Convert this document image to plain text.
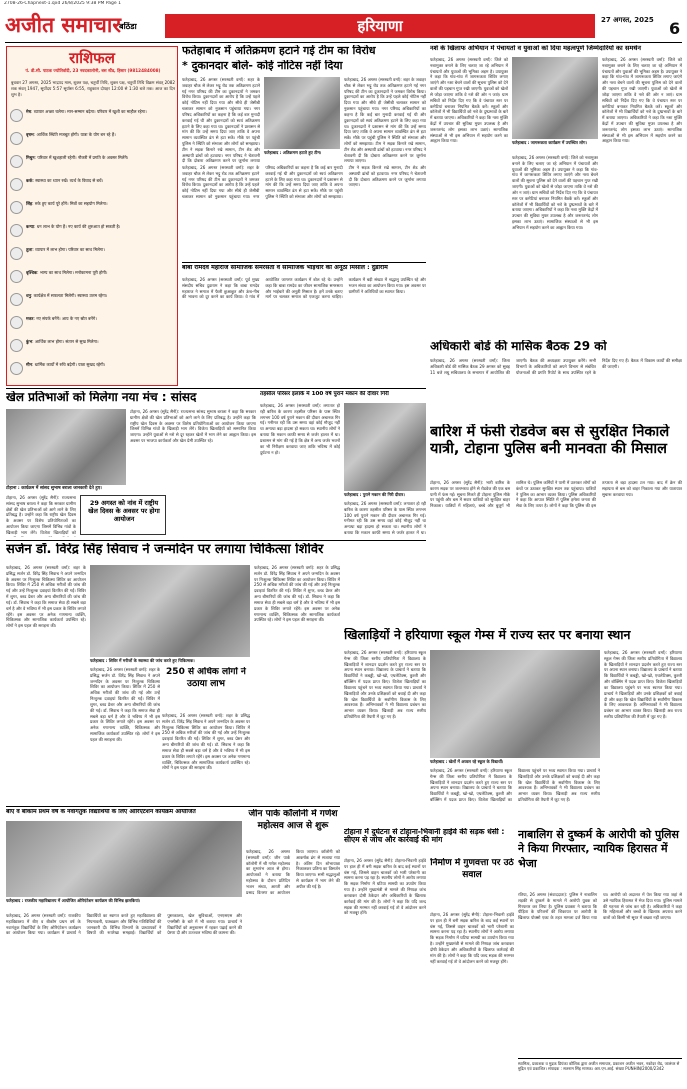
2708-26-Chapnext-1.qxd 26/8/2025 9:38 PM Page 1
अजीत समाचार
बठिंडा	हरियाणा	27 अगस्त, 2025 6
राशिफल
पं. डी.सी. पाठक ज्योतिर्वादी, 23 नवदकालोनी, बस स्टैंड, हिसार (9812484008)
बुधवार 27 अगस्त, 2025 भाद्रपद मास, शुक्ल पक्ष, चतुर्थी तिथि, शुक्ल पक्ष, चतुर्थी तिथि विक्रम संवत् 2082 शक संवत् 1947, सूर्योदय 5:57 सूर्यास्त 6:55, राहुकाल दोपहर 12:00 से 1:30 बजे तक। आज का दिन शुभ है।
मेष: व्यापार अच्छा चलेगा। मान-सम्मान बढ़ेगा। परिवार में खुशी का माहौल रहेगा।
वृषभ: आर्थिक स्थिति मजबूत होगी। यात्रा के योग बन रहे हैं।
मिथुन: परिवार में खुशहाली रहेगी। नौकरी में प्रगति के अवसर मिलेंगे।
कर्क: स्वास्थ्य का ध्यान रखें। व्यर्थ के विवाद से बचें।
सिंह: रुके हुए कार्य पूरे होंगे। मित्रों का सहयोग मिलेगा।
कन्या: धन लाभ के योग हैं। नए कार्य की शुरुआत हो सकती है।
तुला: व्यापार में लाभ होगा। परिवार का साथ मिलेगा।
वृश्चिक: भाग्य का साथ मिलेगा। मनोकामना पूरी होगी।
धनु: कार्यक्षेत्र में सफलता मिलेगी। स्वास्थ्य उत्तम रहेगा।
मकर: नए संपर्क बनेंगे। आय के नए स्रोत बनेंगे।
कुंभ: आर्थिक लाभ होगा। संतान से सुख मिलेगा।
मीन: धार्मिक कार्यों में रुचि बढ़ेगी। यात्रा सुखद रहेगी।
फतेहाबाद में अतिक्रमण हटाने गई टीम का विरोध
* दुकानदार बोले- कोई नोटिस नहीं दिया
फतेहाबाद : अतिक्रमण हटाते हुए टीम।
फतेहाबाद, 26 अगस्त (सरस्वती वर्मा): शहर के जवाहर चौक से लेकर भट्टू रोड तक अतिक्रमण हटाने गई नगर परिषद की टीम का दुकानदारों ने जमकर विरोध किया। दुकानदारों का आरोप है कि उन्हें पहले कोई नोटिस नहीं दिया गया और सीधे ही जेसीबी चलाकर सामान को नुकसान पहुंचाया गया। नगर परिषद अधिकारियों का कहना है कि कई बार मुनादी करवाई गई थी और दुकानदारों को स्वयं अतिक्रमण हटाने के लिए कहा गया था। दुकानदारों ने प्रशासन से मांग की कि उन्हें समय दिया जाए ताकि वे अपना सामान व्यवस्थित ढंग से हटा सकें। मौके पर पहुंची पुलिस ने स्थिति को संभाला और लोगों को समझाया। टीम ने सड़क किनारे रखे सामान, टीन शेड और अस्थायी ढांचों को हटवाया। नगर परिषद ने चेतावनी दी कि दोबारा अतिक्रमण करने पर जुर्माना लगाया जाएगा।
फतेहाबाद, 26 अगस्त (सरस्वती वर्मा): शहर के जवाहर चौक से लेकर भट्टू रोड तक अतिक्रमण हटाने गई नगर परिषद की टीम का दुकानदारों ने जमकर विरोध किया। दुकानदारों का आरोप है कि उन्हें पहले कोई नोटिस नहीं दिया गया और सीधे ही जेसीबी चलाकर सामान को नुकसान पहुंचाया गया। नगर परिषद अधिकारियों का कहना है कि कई बार मुनादी करवाई गई थी और दुकानदारों को स्वयं अतिक्रमण हटाने के लिए कहा गया था। दुकानदारों ने प्रशासन से मांग की कि उन्हें समय दिया जाए ताकि वे अपना सामान व्यवस्थित ढंग से हटा सकें। मौके पर पहुंची पुलिस ने स्थिति को संभाला और लोगों को समझाया। टीम ने सड़क किनारे रखे सामान, टीन शेड और अस्थायी ढांचों को हटवाया। नगर परिषद ने चेतावनी दी कि दोबारा अतिक्रमण करने पर जुर्माना लगाया
फतेहाबाद, 26 अगस्त (सरस्वती वर्मा): शहर के जवाहर चौक से लेकर भट्टू रोड तक अतिक्रमण हटाने गई नगर परिषद की टीम का दुकानदारों ने जमकर विरोध किया। दुकानदारों का आरोप है कि उन्हें पहले कोई नोटिस नहीं दिया गया और सीधे ही जेसीबी चलाकर सामान को नुकसान पहुंचाया गया। नगर परिषद अधिकारियों का कहना है कि कई बार मुनादी करवाई गई थी और दुकानदारों को स्वयं अतिक्रमण हटाने के लिए कहा गया था। दुकानदारों ने प्रशासन से मांग की कि उन्हें समय दिया जाए ताकि वे अपना सामान व्यवस्थित ढंग से हटा सकें। मौके पर पहुंची पुलिस ने स्थिति को संभाला और लोगों को समझाया। टीम ने सड़क किनारे रखे सामान, टीन शेड और अस्थायी ढांचों को हटवाया। नगर परिषद ने चेतावनी दी कि दोबारा अतिक्रमण करने पर जुर्माना लगाया जाएगा।
नशे के खिलाफ अभियान में पंचायतों व युवाओं को दिया महत्वपूर्ण जिम्मेदारियों का समर्थन
फतेहाबाद : जागरूकता कार्यक्रम में उपस्थित लोग।
फतेहाबाद, 26 अगस्त (सरस्वती वर्मा): जिले को नशामुक्त बनाने के लिए चलाए जा रहे अभियान में पंचायतों और युवाओं की भूमिका अहम है। उपायुक्त ने कहा कि गांव-गांव में जागरूकता शिविर लगाए जाएंगे और नशा बेचने वालों की सूचना पुलिस को देने वालों की पहचान गुप्त रखी जाएगी। युवाओं को खेलों से जोड़ा जाएगा ताकि वे नशे की ओर न जाएं। ग्राम सचिवों को निर्देश दिए गए कि वे पंचायत स्तर पर कमेटियां बनाकर नियमित बैठकें करें। स्कूलों और कॉलेजों में भी विद्यार्थियों को नशे के दुष्प्रभावों के बारे में बताया जाएगा। अधिकारियों ने कहा कि नशा मुक्ति केंद्रों में उपचार की सुविधा मुफ्त उपलब्ध है और जरूरतमंद लोग इसका लाभ उठाएं। सामाजिक संस्थाओं से भी इस अभियान में सहयोग करने का आह्वान किया गया।
फतेहाबाद, 26 अगस्त (सरस्वती वर्मा): जिले को नशामुक्त बनाने के लिए चलाए जा रहे अभियान में पंचायतों और युवाओं की भूमिका अहम है। उपायुक्त ने कहा कि गांव-गांव में जागरूकता शिविर लगाए जाएंगे और नशा बेचने वालों की सूचना पुलिस को देने वालों की पहचान गुप्त रखी जाएगी। युवाओं को खेलों से जोड़ा जाएगा ताकि वे नशे की ओर न जाएं। ग्राम सचिवों को निर्देश दिए गए कि वे पंचायत स्तर पर कमेटियां बनाकर नियमित बैठकें करें। स्कूलों और कॉलेजों में भी विद्यार्थियों को नशे के दुष्प्रभावों के बारे में बताया जाएगा। अधिकारियों ने कहा कि नशा मुक्ति केंद्रों में उपचार की सुविधा मुफ्त उपलब्ध है और जरूरतमंद लोग इसका लाभ उठाएं। सामाजिक संस्थाओं से भी इस अभियान में सहयोग करने का आह्वान किया गया।
फतेहाबाद, 26 अगस्त (सरस्वती वर्मा): जिले को नशामुक्त बनाने के लिए चलाए जा रहे अभियान में पंचायतों और युवाओं की भूमिका अहम है। उपायुक्त ने कहा कि गांव-गांव में जागरूकता शिविर लगाए जाएंगे और नशा बेचने वालों की सूचना पुलिस को देने वालों की पहचान गुप्त रखी जाएगी। युवाओं को खेलों से जोड़ा जाएगा ताकि वे नशे की ओर न जाएं। ग्राम सचिवों को निर्देश दिए गए कि वे पंचायत स्तर पर कमेटियां बनाकर नियमित बैठकें करें। स्कूलों और कॉलेजों में भी विद्यार्थियों को नशे के दुष्प्रभावों के बारे में बताया जाएगा। अधिकारियों ने कहा कि नशा मुक्ति केंद्रों में उपचार की सुविधा मुफ्त उपलब्ध है और जरूरतमंद लोग इसका लाभ उठाएं। सामाजिक संस्थाओं से भी इस अभियान में सहयोग करने का आह्वान किया गया।
बाबा रामदेव महाराज सामाजिक समरसता व सामाजिक भाईचारे की अनूठी मिसाल : दुडाराम
फतेहाबाद, 26 अगस्त (सरस्वती वर्मा): पूर्व मुख्य संसदीय सचिव दुडाराम ने कहा कि बाबा रामदेव महाराज ने समाज में फैली छुआछूत और ऊंच-नीच की भावना को दूर करने का कार्य किया। वे गांव में आयोजित जागरण कार्यक्रम में बोल रहे थे। उन्होंने कहा कि बाबा रामदेव का जीवन सामाजिक समरसता और भाईचारे की अनूठी मिसाल है। हमें उनके बताए मार्ग पर चलकर समाज को एकजुट करना चाहिए। कार्यक्रम में बड़ी संख्या में श्रद्धालु उपस्थित रहे और भजन संध्या का आयोजन किया गया। इस अवसर पर ग्रामीणों ने अतिथियों का स्वागत किया।
अधिकारी बोर्ड की मासिक बैठक 29 को
फतेहाबाद, 26 अगस्त (सरस्वती वर्मा): जिला अधिकारी बोर्ड की मासिक बैठक 29 अगस्त को सुबह 11 बजे लघु सचिवालय के सभागार में आयोजित की जाएगी। बैठक की अध्यक्षता उपायुक्त करेंगे। सभी विभागों के अधिकारियों को अपने विभाग से संबंधित योजनाओं की प्रगति रिपोर्ट के साथ उपस्थित रहने के निर्देश दिए गए हैं। बैठक में विकास कार्यों की समीक्षा की जाएगी।
बारिश में फंसी रोडवेज बस से सुरक्षित निकाले यात्री, टोहाना पुलिस बनी मानवता की मिसाल
टोहाना, 26 अगस्त (सुरेंद्र सैनी): भारी बारिश के कारण सड़क पर जलभराव होने से रोडवेज की एक बस पानी में फंस गई। सूचना मिलते ही टोहाना पुलिस मौके पर पहुंची और बस में सवार यात्रियों को सुरक्षित बाहर निकाला। यात्रियों में महिलाएं, बच्चे और बुजुर्ग भी शामिल थे। पुलिस कर्मियों ने पानी में उतरकर लोगों को कंधों पर उठाकर सुरक्षित स्थान तक पहुंचाया। यात्रियों ने पुलिस का आभार व्यक्त किया। पुलिस अधिकारियों ने कहा कि आपात स्थिति में पुलिस हमेशा जनता की सेवा के लिए तत्पर है। लोगों ने कहा कि पुलिस की इस तत्परता से बड़ा हादसा टल गया। बाद में क्रेन की सहायता से बस को बाहर निकाला गया और यातायात सुचारू करवाया गया।
खेल प्रतिभाओं को मिलेगा नया मंच : सांसद
टोहाना : कार्यक्रम में सांसद सुभाष बराला जानकारी देते हुए।
29 अगस्त को नांव में राष्ट्रीय खेल दिवस के अवसर पर होगा आयोजन
टोहाना, 26 अगस्त (सुरेंद्र सैनी): राज्यसभा सांसद सुभाष बराला ने कहा कि सरकार ग्रामीण क्षेत्रों की खेल प्रतिभाओं को आगे लाने के लिए प्रतिबद्ध है। उन्होंने कहा कि राष्ट्रीय खेल दिवस के अवसर पर विशेष प्रतियोगिताओं का आयोजन किया जाएगा जिसमें विभिन्न गांवों के खिलाड़ी भाग लेंगे। विजेता खिलाड़ियों को
टोहाना, 26 अगस्त (सुरेंद्र सैनी): राज्यसभा सांसद सुभाष बराला ने कहा कि सरकार ग्रामीण क्षेत्रों की खेल प्रतिभाओं को आगे लाने के लिए प्रतिबद्ध है। उन्होंने कहा कि राष्ट्रीय खेल दिवस के अवसर पर विशेष प्रतियोगिताओं का आयोजन किया जाएगा जिसमें विभिन्न गांवों के खिलाड़ी भाग लेंगे। विजेता खिलाड़ियों को सम्मानित किया जाएगा। उन्होंने युवाओं से नशे से दूर रहकर खेलों में भाग लेने का आह्वान किया। इस अवसर पर भाजपा कार्यकर्ता और खेल प्रेमी उपस्थित रहे।
तहसील परिसर इलाके में 100 वर्ष पुराने मकान की दीवार गिरी
फतेहाबाद : पुराने मकान की गिरी दीवार।
फतेहाबाद, 26 अगस्त (सरस्वती वर्मा): लगातार हो रही बारिश के कारण तहसील परिसर के पास स्थित लगभग 100 वर्ष पुराने मकान की दीवार अचानक गिर गई। गनीमत रही कि उस समय वहां कोई मौजूद नहीं था अन्यथा बड़ा हादसा हो सकता था। स्थानीय लोगों ने बताया कि मकान काफी समय से जर्जर हालत में था। प्रशासन से मांग की गई है कि क्षेत्र में अन्य जर्जर भवनों का भी निरीक्षण करवाया जाए ताकि भविष्य में कोई दुर्घटना न हो।
फतेहाबाद, 26 अगस्त (सरस्वती वर्मा): लगातार हो रही बारिश के कारण तहसील परिसर के पास स्थित लगभग 100 वर्ष पुराने मकान की दीवार अचानक गिर गई। गनीमत रही कि उस समय वहां कोई मौजूद नहीं था अन्यथा बड़ा हादसा हो सकता था। स्थानीय लोगों ने बताया कि मकान काफी समय से जर्जर हालत में था।
सर्जन डॉ. विरेंद्र सिंह सिवाच ने जन्मदिन पर लगाया चिकित्सा शिविर
फतेहाबाद, 26 अगस्त (सरस्वती वर्मा): शहर के प्रसिद्ध सर्जन डॉ. विरेंद्र सिंह सिवाच ने अपने जन्मदिन के अवसर पर निःशुल्क चिकित्सा शिविर का आयोजन किया। शिविर में 250 से अधिक मरीजों की जांच की गई और उन्हें निःशुल्क दवाइयां वितरित की गईं। शिविर में शुगर, ब्लड प्रेशर और अन्य बीमारियों की जांच की गई। डॉ. सिवाच ने कहा कि समाज सेवा ही सबसे बड़ा धर्म है और वे भविष्य में भी इस प्रकार के शिविर लगाते रहेंगे। इस अवसर पर अनेक गणमान्य व्यक्ति, चिकित्सक और सामाजिक कार्यकर्ता उपस्थित रहे। लोगों ने इस पहल की सराहना की।
फतेहाबाद : शिविर में मरीजों के स्वास्थ्य की जांच करते हुए चिकित्सक।
250 से अधिक लोगों ने उठाया लाभ
फतेहाबाद, 26 अगस्त (सरस्वती वर्मा): शहर के प्रसिद्ध सर्जन डॉ. विरेंद्र सिंह सिवाच ने अपने जन्मदिन के अवसर पर निःशुल्क चिकित्सा शिविर का आयोजन किया। शिविर में 250 से अधिक मरीजों की जांच की गई और उन्हें निःशुल्क दवाइयां वितरित की गईं। शिविर में शुगर, ब्लड प्रेशर और अन्य बीमारियों की जांच की गई। डॉ. सिवाच ने कहा कि समाज सेवा ही सबसे बड़ा धर्म है और वे भविष्य में भी इस प्रकार के शिविर लगाते रहेंगे। इस अवसर पर अनेक गणमान्य व्यक्ति, चिकित्सक और सामाजिक कार्यकर्ता उपस्थित रहे। लोगों ने इस पहल की सराहना की।
फतेहाबाद, 26 अगस्त (सरस्वती वर्मा): शहर के प्रसिद्ध सर्जन डॉ. विरेंद्र सिंह सिवाच ने अपने जन्मदिन के अवसर पर निःशुल्क चिकित्सा शिविर का आयोजन किया। शिविर में 250 से अधिक मरीजों की जांच की गई और उन्हें निःशुल्क दवाइयां वितरित की गईं। शिविर में शुगर, ब्लड प्रेशर और अन्य बीमारियों की जांच की गई। डॉ. सिवाच ने कहा कि समाज सेवा ही सबसे बड़ा धर्म है और वे भविष्य में भी इस प्रकार के शिविर लगाते रहेंगे। इस अवसर पर अनेक गणमान्य व्यक्ति, चिकित्सक और सामाजिक कार्यकर्ता उपस्थित रहे। लोगों ने इस पहल की सराहना की।
फतेहाबाद, 26 अगस्त (सरस्वती वर्मा): शहर के प्रसिद्ध सर्जन डॉ. विरेंद्र सिंह सिवाच ने अपने जन्मदिन के अवसर पर निःशुल्क चिकित्सा शिविर का आयोजन किया। शिविर में 250 से अधिक मरीजों की जांच की गई और उन्हें निःशुल्क दवाइयां वितरित की गईं। शिविर में शुगर, ब्लड प्रेशर और अन्य बीमारियों की जांच की गई। डॉ. सिवाच ने कहा कि समाज सेवा ही सबसे बड़ा धर्म है और वे भविष्य में भी इस प्रकार के शिविर लगाते रहेंगे। इस अवसर पर अनेक गणमान्य व्यक्ति, चिकित्सक और सामाजिक कार्यकर्ता उपस्थित रहे। लोगों ने इस पहल की सराहना की।
खिलाड़ियों ने हरियाणा स्कूल गेम्स में राज्य स्तर पर बनाया स्थान
फतेहाबाद, 26 अगस्त (सरस्वती वर्मा): हरियाणा स्कूल गेम्स की जिला स्तरीय प्रतियोगिता में विद्यालय के खिलाड़ियों ने शानदार प्रदर्शन करते हुए राज्य स्तर पर अपना स्थान बनाया। विद्यालय के प्राचार्य ने बताया कि विद्यार्थियों ने कबड्डी, खो-खो, एथलेटिक्स, कुश्ती और बॉक्सिंग में पदक प्राप्त किए। विजेता खिलाड़ियों का विद्यालय पहुंचने पर भव्य स्वागत किया गया। प्राचार्य ने खिलाड़ियों और उनके प्रशिक्षकों को बधाई दी और कहा कि खेल विद्यार्थियों के सर्वांगीण विकास के लिए आवश्यक हैं। अभिभावकों ने भी विद्यालय प्रबंधन का आभार व्यक्त किया। खिलाड़ी अब राज्य स्तरीय प्रतियोगिता की तैयारी में जुट गए हैं।
फतेहाबाद : खेलों में अव्वल रहे स्कूल के विद्यार्थी।
फतेहाबाद, 26 अगस्त (सरस्वती वर्मा): हरियाणा स्कूल गेम्स की जिला स्तरीय प्रतियोगिता में विद्यालय के खिलाड़ियों ने शानदार प्रदर्शन करते हुए राज्य स्तर पर अपना स्थान बनाया। विद्यालय के प्राचार्य ने बताया कि विद्यार्थियों ने कबड्डी, खो-खो, एथलेटिक्स, कुश्ती और बॉक्सिंग में पदक प्राप्त किए। विजेता खिलाड़ियों का विद्यालय पहुंचने पर भव्य स्वागत किया गया। प्राचार्य ने खिलाड़ियों और उनके प्रशिक्षकों को बधाई दी और कहा कि खेल विद्यार्थियों के सर्वांगीण विकास के लिए आवश्यक हैं। अभिभावकों ने भी विद्यालय प्रबंधन का आभार व्यक्त किया। खिलाड़ी अब राज्य स्तरीय प्रतियोगिता की तैयारी में जुट गए हैं।
फतेहाबाद, 26 अगस्त (सरस्वती वर्मा): हरियाणा स्कूल गेम्स की जिला स्तरीय प्रतियोगिता में विद्यालय के खिलाड़ियों ने शानदार प्रदर्शन करते हुए राज्य स्तर पर अपना स्थान बनाया। विद्यालय के प्राचार्य ने बताया कि विद्यार्थियों ने कबड्डी, खो-खो, एथलेटिक्स, कुश्ती और बॉक्सिंग में पदक प्राप्त किए। विजेता खिलाड़ियों का विद्यालय पहुंचने पर भव्य स्वागत किया गया। प्राचार्य ने खिलाड़ियों और उनके प्रशिक्षकों को बधाई दी और कहा कि खेल विद्यार्थियों के सर्वांगीण विकास के लिए आवश्यक हैं। अभिभावकों ने भी विद्यालय प्रबंधन का आभार व्यक्त किया। खिलाड़ी अब राज्य स्तरीय प्रतियोगिता की तैयारी में जुट गए हैं।
बीए व बीकॉम प्रथम वर्ष के नवागंतुक विद्यार्थियों के लिए ओरिएंटेशन कार्यक्रम आयोजित
फतेहाबाद : राजकीय महाविद्यालय में आयोजित ओरिएंटेशन कार्यक्रम की विभिन्न झलकियां।
फतेहाबाद, 26 अगस्त (सरस्वती वर्मा): राजकीय महाविद्यालय में बीए व बीकॉम प्रथम वर्ष के नवागंतुक विद्यार्थियों के लिए ओरिएंटेशन कार्यक्रम का आयोजन किया गया। कार्यक्रम में प्राचार्य ने विद्यार्थियों का स्वागत करते हुए महाविद्यालय की नियमावली, पाठ्यक्रम और विभिन्न गतिविधियों की जानकारी दी। विभिन्न विभागों के प्राध्यापकों ने विषयों की रूपरेखा समझाई। विद्यार्थियों को पुस्तकालय, खेल सुविधाओं, एनएसएस और एनसीसी के बारे में भी बताया गया। प्राचार्य ने विद्यार्थियों को अनुशासन में रहकर पढ़ाई करने की प्रेरणा दी और उज्ज्वल भविष्य की कामना की।
जीन पार्क कॉलोनी में गणेश महोत्सव आज से शुरू
फतेहाबाद, 26 अगस्त (सरस्वती वर्मा): जीन पार्क कॉलोनी में श्री गणेश महोत्सव का शुभारंभ आज से होगा। आयोजकों ने बताया कि महोत्सव के दौरान प्रतिदिन भजन संध्या, आरती और प्रसाद वितरण का आयोजन किया जाएगा। कॉलोनी को आकर्षक ढंग से सजाया गया है। अंतिम दिन शोभायात्रा निकालकर प्रतिमा का विसर्जन किया जाएगा। सभी श्रद्धालुओं से कार्यक्रम में भाग लेने की अपील की गई है।
टोहाना में दुर्घटना से टोहाना-भिवानी हाईवे की सड़क धंसी : सीएम से जांच और कार्रवाई की मांग
निर्माण में गुणवत्ता पर उठे सवाल
टोहाना, 26 अगस्त (सुरेंद्र सैनी): टोहाना-भिवानी हाईवे पर हाल ही में बनी सड़क बारिश के बाद कई स्थानों पर धंस गई, जिससे वाहन चालकों को भारी परेशानी का सामना करना पड़ रहा है। स्थानीय लोगों ने आरोप लगाया कि सड़क निर्माण में घटिया सामग्री का उपयोग किया गया है। उन्होंने मुख्यमंत्री से मामले की निष्पक्ष जांच करवाकर दोषी ठेकेदार और अधिकारियों के खिलाफ कार्रवाई की मांग की है। लोगों ने कहा कि यदि जल्द सड़क की मरम्मत नहीं करवाई गई तो वे आंदोलन करने को मजबूर होंगे।	टोहाना, 26 अगस्त (सुरेंद्र सैनी): टोहाना-भिवानी हाईवे पर हाल ही में बनी सड़क बारिश के बाद कई स्थानों पर धंस गई, जिससे वाहन चालकों को भारी परेशानी का सामना करना पड़ रहा है। स्थानीय लोगों ने आरोप लगाया कि सड़क निर्माण में घटिया सामग्री का उपयोग किया गया है। उन्होंने मुख्यमंत्री से मामले की निष्पक्ष जांच करवाकर दोषी ठेकेदार और अधिकारियों के खिलाफ कार्रवाई की मांग की है। लोगों ने कहा कि यदि जल्द सड़क की मरम्मत नहीं करवाई गई तो वे आंदोलन करने को मजबूर होंगे।
नाबालिग से दुष्कर्म के आरोपी को पुलिस ने किया गिरफ्तार, न्यायिक हिरासत में भेजा
रतिया, 26 अगस्त (संवाददाता): पुलिस ने नाबालिग लड़की से दुष्कर्म के मामले में आरोपी युवक को गिरफ्तार कर लिया है। पुलिस प्रवक्ता ने बताया कि पीड़िता के परिजनों की शिकायत पर आरोपी के खिलाफ पोक्सो एक्ट के तहत मामला दर्ज किया गया था। आरोपी को अदालत में पेश किया गया जहां से उसे न्यायिक हिरासत में भेज दिया गया। पुलिस मामले की गहनता से जांच कर रही है। अधिकारियों ने कहा कि महिलाओं और बच्चों के खिलाफ अपराध करने वालों को किसी भी सूरत में बख्शा नहीं जाएगा।
स्वामित्व, प्रकाशक व मुद्रक प्रियंका कौशिक द्वारा अजीत समाचार, प्रकाशन अजीत भवन, नकोदर रोड, जालंधर से मुद्रित एवं प्रकाशित। संपादक : सतनाम सिंह माणक। आर.एन.आई. संख्या PUNHIN/2000/2342
